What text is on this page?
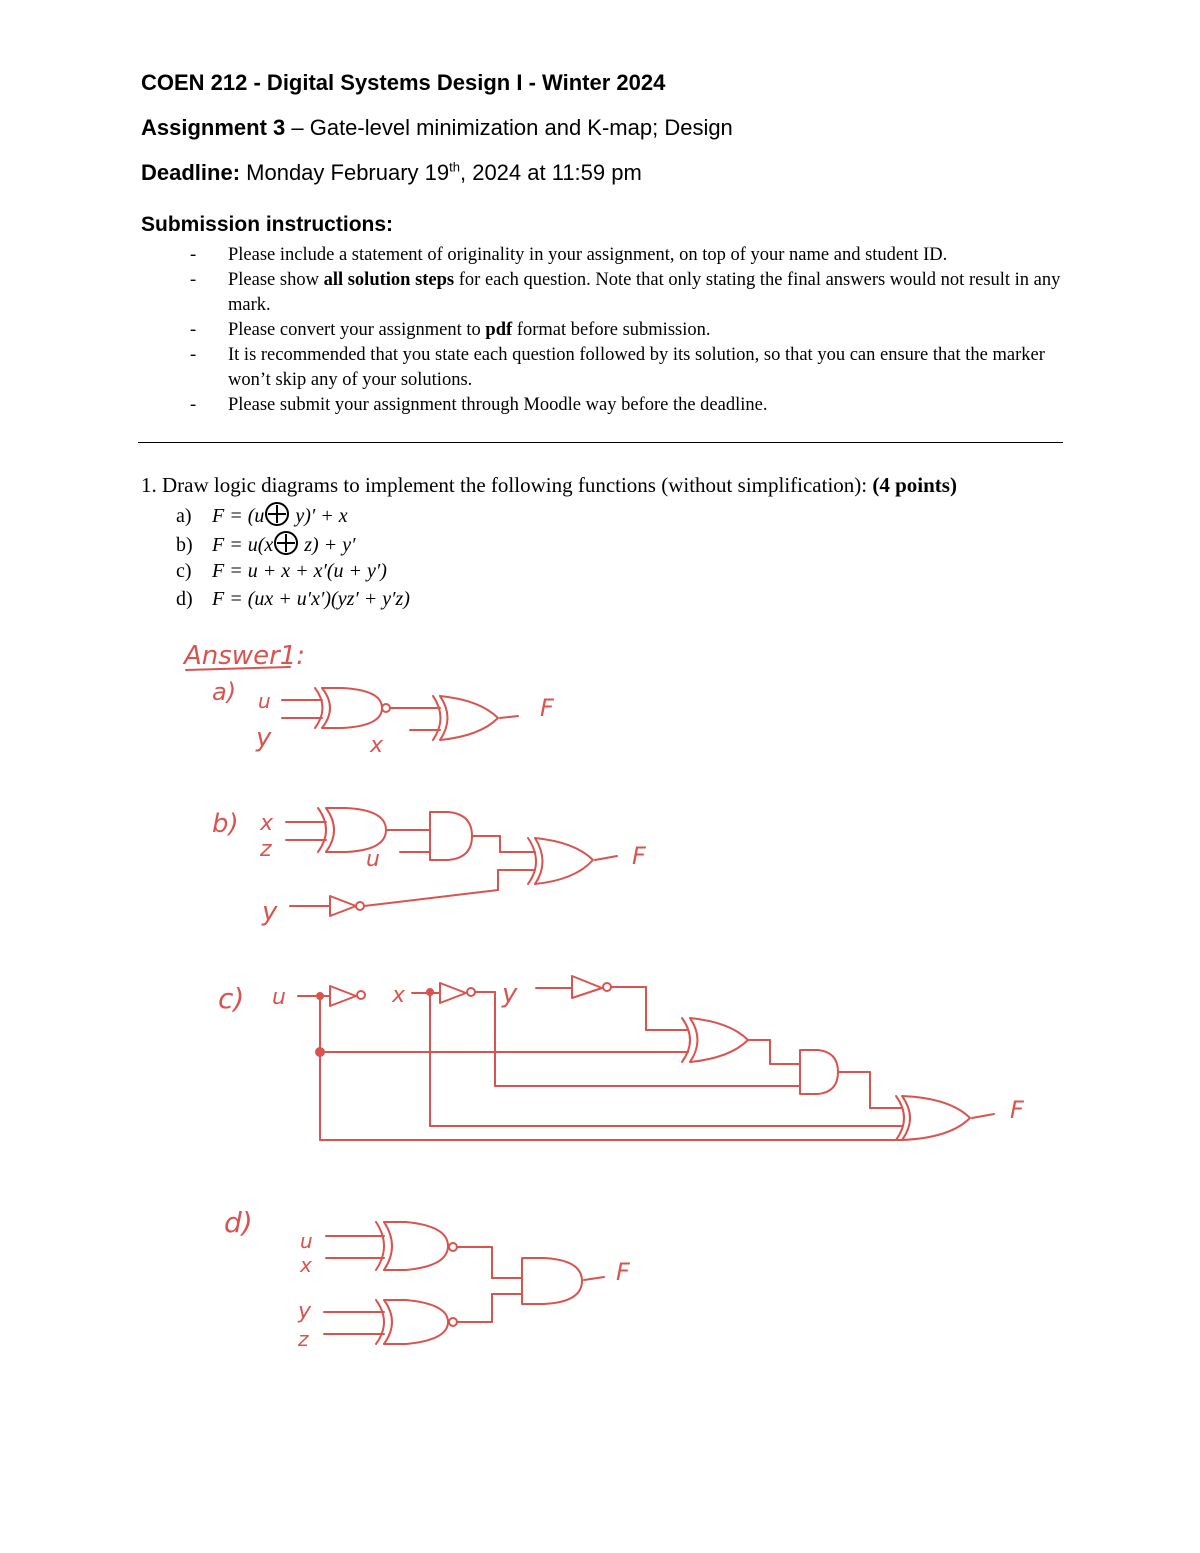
COEN 212 - Digital Systems Design I - Winter 2024
Assignment 3 – Gate-level minimization and K-map; Design
Deadline: Monday February 19th, 2024 at 11:59 pm
Submission instructions:
- Please include a statement of originality in your assignment, on top of your name and student ID.
- Please show all solution steps for each question. Note that only stating the final answers would not result in any mark.
- Please convert your assignment to pdf format before submission.
- It is recommended that you state each question followed by its solution, so that you can ensure that the marker won’t skip any of your solutions.
- Please submit your assignment through Moodle way before the deadline.
1. Draw logic diagrams to implement the following functions (without simplification): (4 points)
a) F = (u y)′ + x
b) F = u(x z) + y′
c) F = u + x + x′(u + y′)
d) F = (ux + u′x′)(yz′ + y′z)
Answer1:
a) u
y	x
F
b) x
z	u
y
F
c) u	x	y
F
d)
u
x
y
z
F
